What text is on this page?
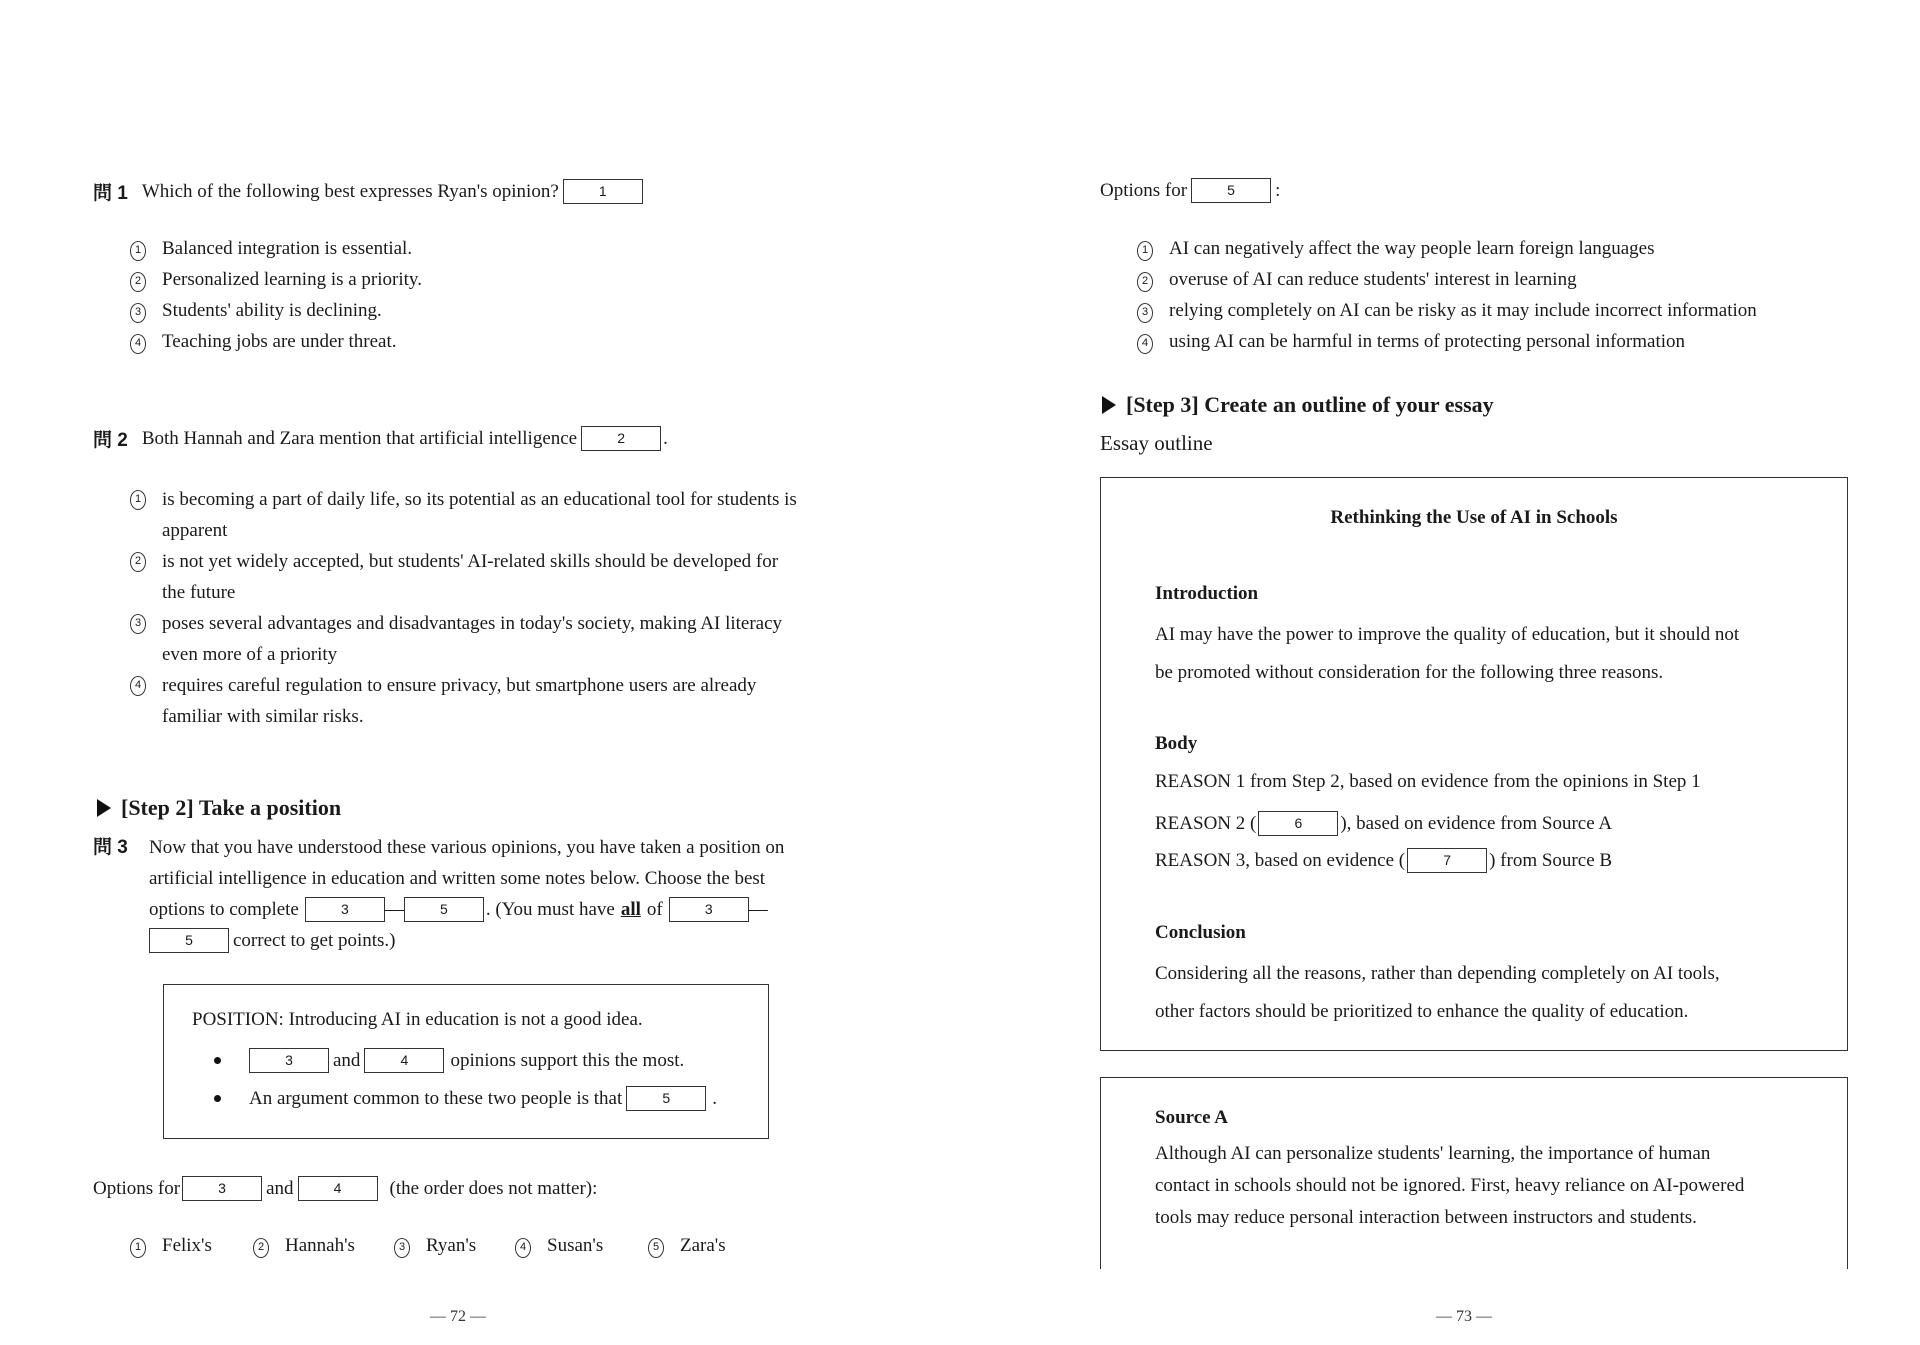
問 1 Which of the following best expresses Ryan's opinion?	1
1 Balanced integration is essential.
2 Personalized learning is a priority.
3 Students' ability is declining.
4 Teaching jobs are under threat.
問 2 Both Hannah and Zara mention that artificial intelligence	2	.
1 is becoming a part of daily life, so its potential as an educational tool for students is
apparent
2 is not yet widely accepted, but students' AI-related skills should be developed for
the future
3 poses several advantages and disadvantages in today's society, making AI literacy
even more of a priority
4 requires careful regulation to ensure privacy, but smartphone users are already
familiar with similar risks.
[Step 2] Take a position
問 3 Now that you have understood these various opinions, you have taken a position on
artificial intelligence in education and written some notes below. Choose the best
options to complete	3	—	5	. (You must have all of	3	—
5	correct to get points.)
POSITION: Introducing AI in education is not a good idea.
3	and	4	opinions support this the most.
An argument common to these two people is that	5	.
Options for	3	and	4	(the order does not matter):
1 Felix's	2 Hannah's	3 Ryan's	4 Susan's	5 Zara's
— 72 —
Options for	5	:
1 AI can negatively affect the way people learn foreign languages
2 overuse of AI can reduce students' interest in learning
3 relying completely on AI can be risky as it may include incorrect information
4 using AI can be harmful in terms of protecting personal information
[Step 3] Create an outline of your essay
Essay outline
Rethinking the Use of AI in Schools
Introduction
AI may have the power to improve the quality of education, but it should not
be promoted without consideration for the following three reasons.
Body
REASON 1 from Step 2, based on evidence from the opinions in Step 1
REASON 2 (	6	), based on evidence from Source A
REASON 3, based on evidence (	7	) from Source B
Conclusion
Considering all the reasons, rather than depending completely on AI tools,
other factors should be prioritized to enhance the quality of education.
Source A
Although AI can personalize students' learning, the importance of human
contact in schools should not be ignored. First, heavy reliance on AI-powered
tools may reduce personal interaction between instructors and students.
— 73 —
